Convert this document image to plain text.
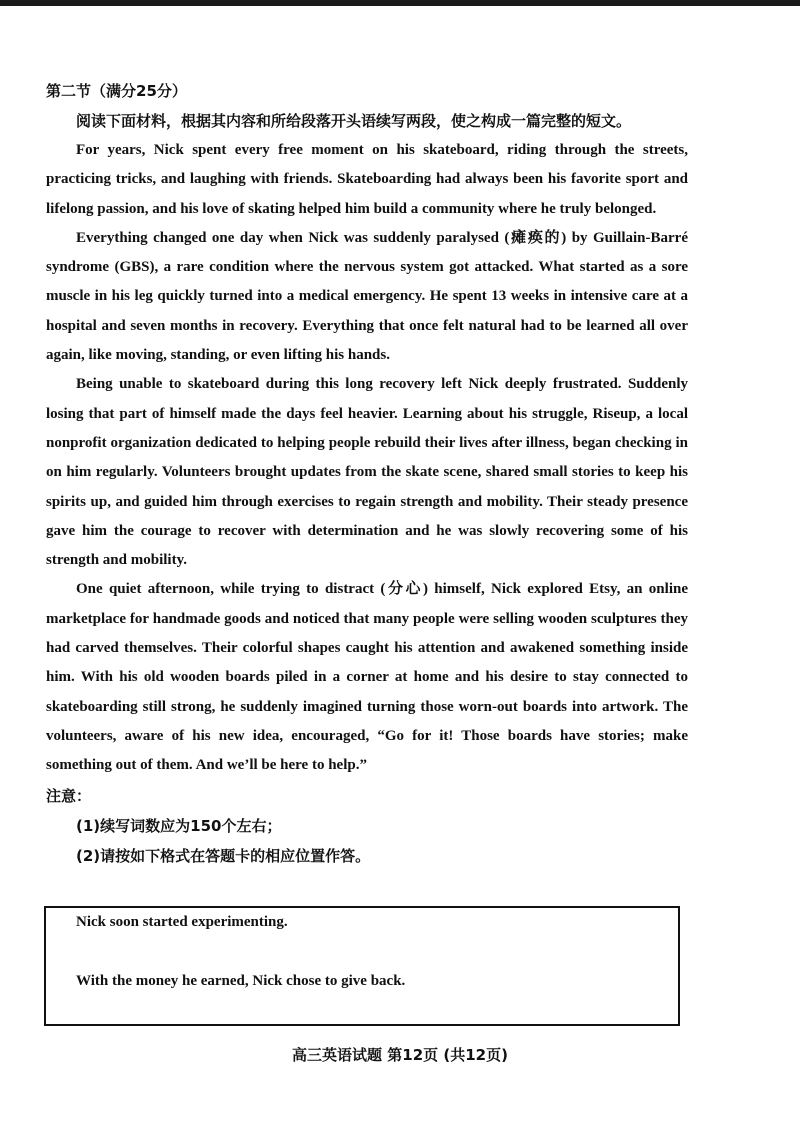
第二节（满分25分）

阅读下面材料，根据其内容和所给段落开头语续写两段，使之构成一篇完整的短文。

For years, Nick spent every free moment on his skateboard, riding through the streets, practicing tricks, and laughing with friends. Skateboarding had always been his favorite sport and lifelong passion, and his love of skating helped him build a community where he truly belonged.

Everything changed one day when Nick was suddenly paralysed (瘫痪的) by Guillain-Barré syndrome (GBS), a rare condition where the nervous system got attacked. What started as a sore muscle in his leg quickly turned into a medical emergency. He spent 13 weeks in intensive care at a hospital and seven months in recovery. Everything that once felt natural had to be learned all over again, like moving, standing, or even lifting his hands.

Being unable to skateboard during this long recovery left Nick deeply frustrated. Suddenly losing that part of himself made the days feel heavier. Learning about his struggle, Riseup, a local nonprofit organization dedicated to helping people rebuild their lives after illness, began checking in on him regularly. Volunteers brought updates from the skate scene, shared small stories to keep his spirits up, and guided him through exercises to regain strength and mobility. Their steady presence gave him the courage to recover with determination and he was slowly recovering some of his strength and mobility.

One quiet afternoon, while trying to distract (分心) himself, Nick explored Etsy, an online marketplace for handmade goods and noticed that many people were selling wooden sculptures they had carved themselves. Their colorful shapes caught his attention and awakened something inside him. With his old wooden boards piled in a corner at home and his desire to stay connected to skateboarding still strong, he suddenly imagined turning those worn-out boards into artwork. The volunteers, aware of his new idea, encouraged, “Go for it! Those boards have stories; make something out of them. And we’ll be here to help.”

注意：

(1)续写词数应为150个左右；

(2)请按如下格式在答题卡的相应位置作答。

Nick soon started experimenting.

With the money he earned, Nick chose to give back.

高三英语试题 第12页 (共12页)
